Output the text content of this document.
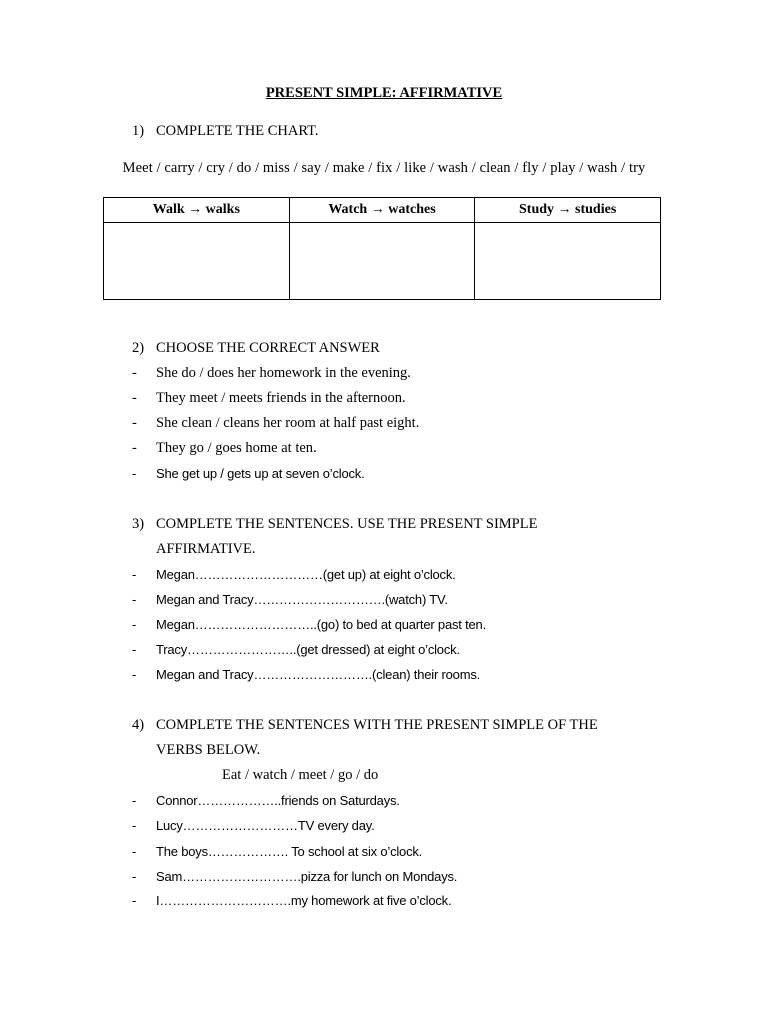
PRESENT SIMPLE: AFFIRMATIVE
1) COMPLETE THE CHART.
Meet / carry / cry / do / miss / say / make / fix / like / wash / clean / fly / play / wash / try
Walk → walks	Watch → watches	Study → studies

2) CHOOSE THE CORRECT ANSWER
- She do / does her homework in the evening.
- They meet / meets friends in the afternoon.
- She clean / cleans her room at half past eight.
- They go / goes home at ten.
- She get up / gets up at seven o’clock.
3) COMPLETE THE SENTENCES. USE THE PRESENT SIMPLE
AFFIRMATIVE.
- Megan…………………………(get up) at eight o’clock.
- Megan and Tracy………………………….(watch) TV.
- Megan………………………..(go) to bed at quarter past ten.
- Tracy……………………..(get dressed) at eight o’clock.
- Megan and Tracy……………………….(clean) their rooms.
4) COMPLETE THE SENTENCES WITH THE PRESENT SIMPLE OF THE
VERBS BELOW.
Eat / watch / meet / go / do
- Connor………………..friends on Saturdays.
- Lucy………………………TV every day.
- The boys………………. To school at six o’clock.
- Sam……………………….pizza for lunch on Mondays.
- I………………………….my homework at five o’clock.
